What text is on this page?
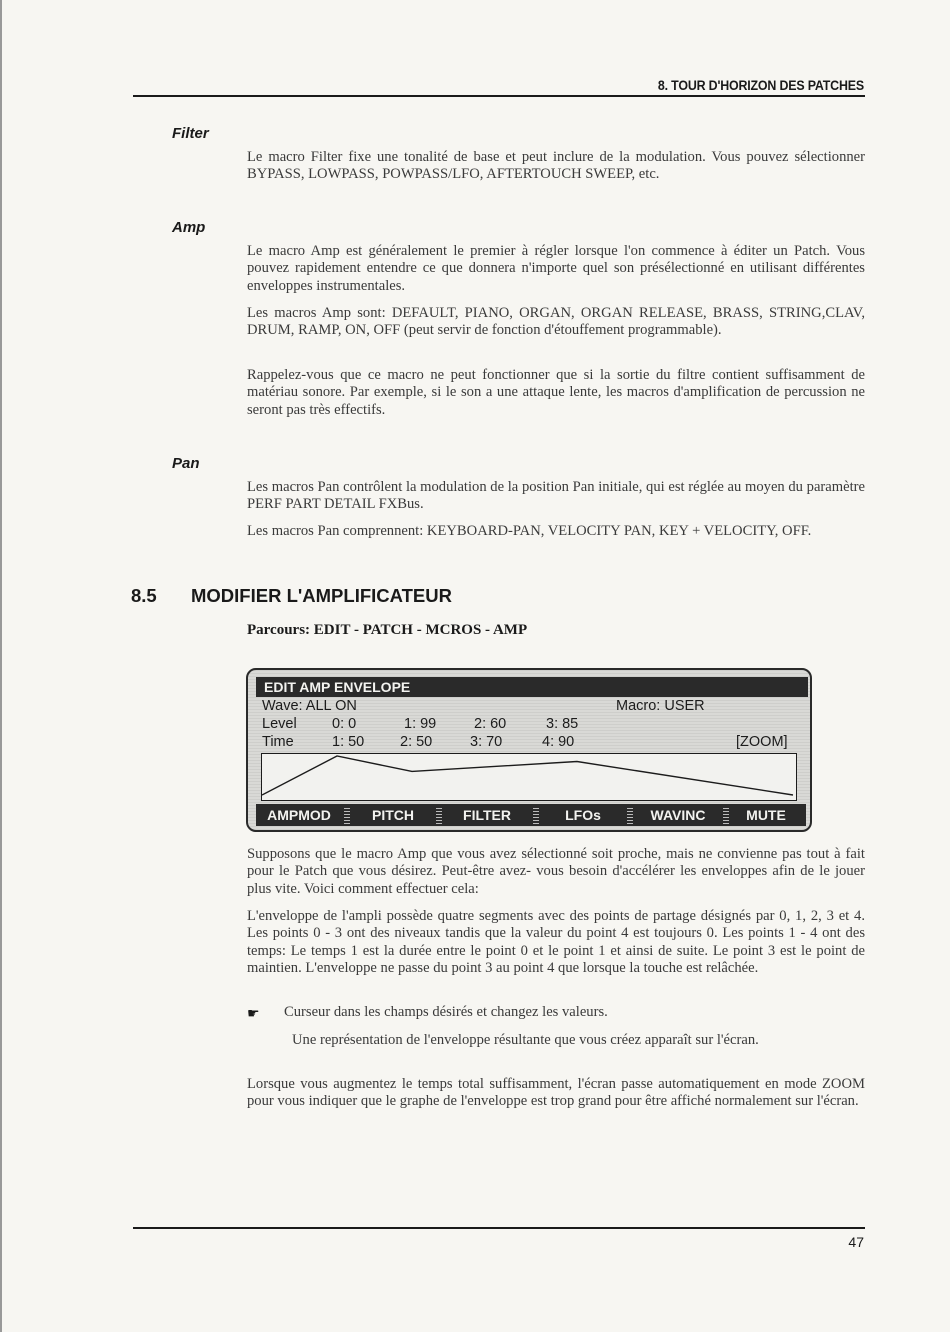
8. TOUR D'HORIZON DES PATCHES
Filter

Le macro Filter fixe une tonalité de base et peut inclure de la modulation. Vous pouvez sélectionner BYPASS, LOWPASS, POWPASS/LFO, AFTERTOUCH SWEEP, etc.

Amp

Le macro Amp est généralement le premier à régler lorsque l'on commence à éditer un Patch. Vous pouvez rapidement entendre ce que donnera n'importe quel son présélectionné en utilisant différentes enveloppes instrumentales.

Les macros Amp sont: DEFAULT, PIANO, ORGAN, ORGAN RELEASE, BRASS, STRING,CLAV, DRUM, RAMP, ON, OFF (peut servir de fonction d'étouffement programmable).

Rappelez-vous que ce macro ne peut fonctionner que si la sortie du filtre contient suffisamment de matériau sonore. Par exemple, si le son a une attaque lente, les macros d'amplification de percussion ne seront pas très effectifs.

Pan

Les macros Pan contrôlent la modulation de la position Pan initiale, qui est réglée au moyen du paramètre PERF PART DETAIL FXBus.

Les macros Pan comprennent: KEYBOARD-PAN, VELOCITY PAN, KEY + VELOCITY, OFF.

8.5 MODIFIER L'AMPLIFICATEUR
Parcours: EDIT - PATCH - MCROS - AMP
EDIT AMP ENVELOPE
Wave: ALL ON	Macro: USER
Level 0: 0	1: 99	2: 60	3: 85
Time	1: 50 2: 50	3: 70	4: 90	[ZOOM]
AMPMOD	PITCH	FILTER	LFOs	WAVINC	MUTE

Supposons que le macro Amp que vous avez sélectionné soit proche, mais ne convienne pas tout à fait pour le Patch que vous désirez. Peut-être avez- vous besoin d'accélérer les enveloppes afin de le jouer plus vite. Voici comment effectuer cela:

L'enveloppe de l'ampli possède quatre segments avec des points de partage désignés par 0, 1, 2, 3 et 4. Les points 0 - 3 ont des niveaux tandis que la valeur du point 4 est toujours 0. Les points 1 - 4 ont des temps: Le temps 1 est la durée entre le point 0 et le point 1 et ainsi de suite. Le point 3 est le point de maintien. L'enveloppe ne passe du point 3 au point 4 que lorsque la touche est relâchée.

☛ Curseur dans les champs désirés et changez les valeurs.

Une représentation de l'enveloppe résultante que vous créez apparaît sur l'écran.

Lorsque vous augmentez le temps total suffisamment, l'écran passe automatiquement en mode ZOOM pour vous indiquer que le graphe de l'enveloppe est trop grand pour être affiché normalement sur l'écran.

47
